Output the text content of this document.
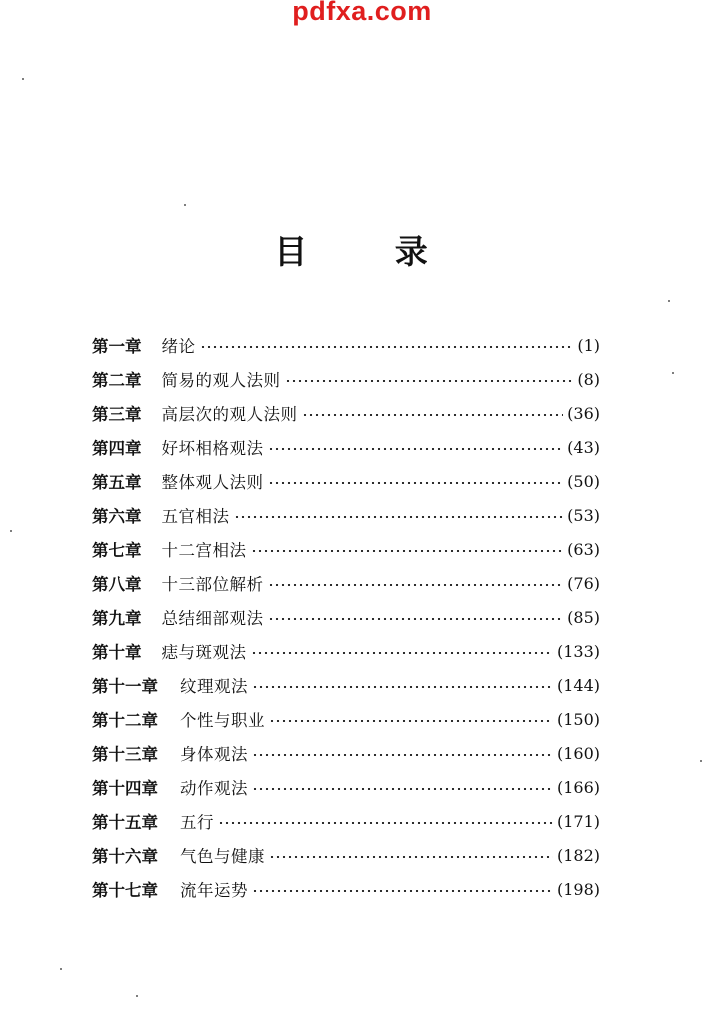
pdfxa.com
目 录
第一章 绪论	(1)
第二章 简易的观人法则	(8)
第三章 高层次的观人法则	(36)
第四章 好坏相格观法	(43)
第五章 整体观人法则	(50)
第六章 五官相法	(53)
第七章 十二宫相法	(63)
第八章 十三部位解析	(76)
第九章 总结细部观法	(85)
第十章 痣与斑观法	(133)
第十一章 纹理观法	(144)
第十二章 个性与职业	(150)
第十三章 身体观法	(160)
第十四章 动作观法	(166)
第十五章 五行	(171)
第十六章 气色与健康	(182)
第十七章 流年运势	(198)
